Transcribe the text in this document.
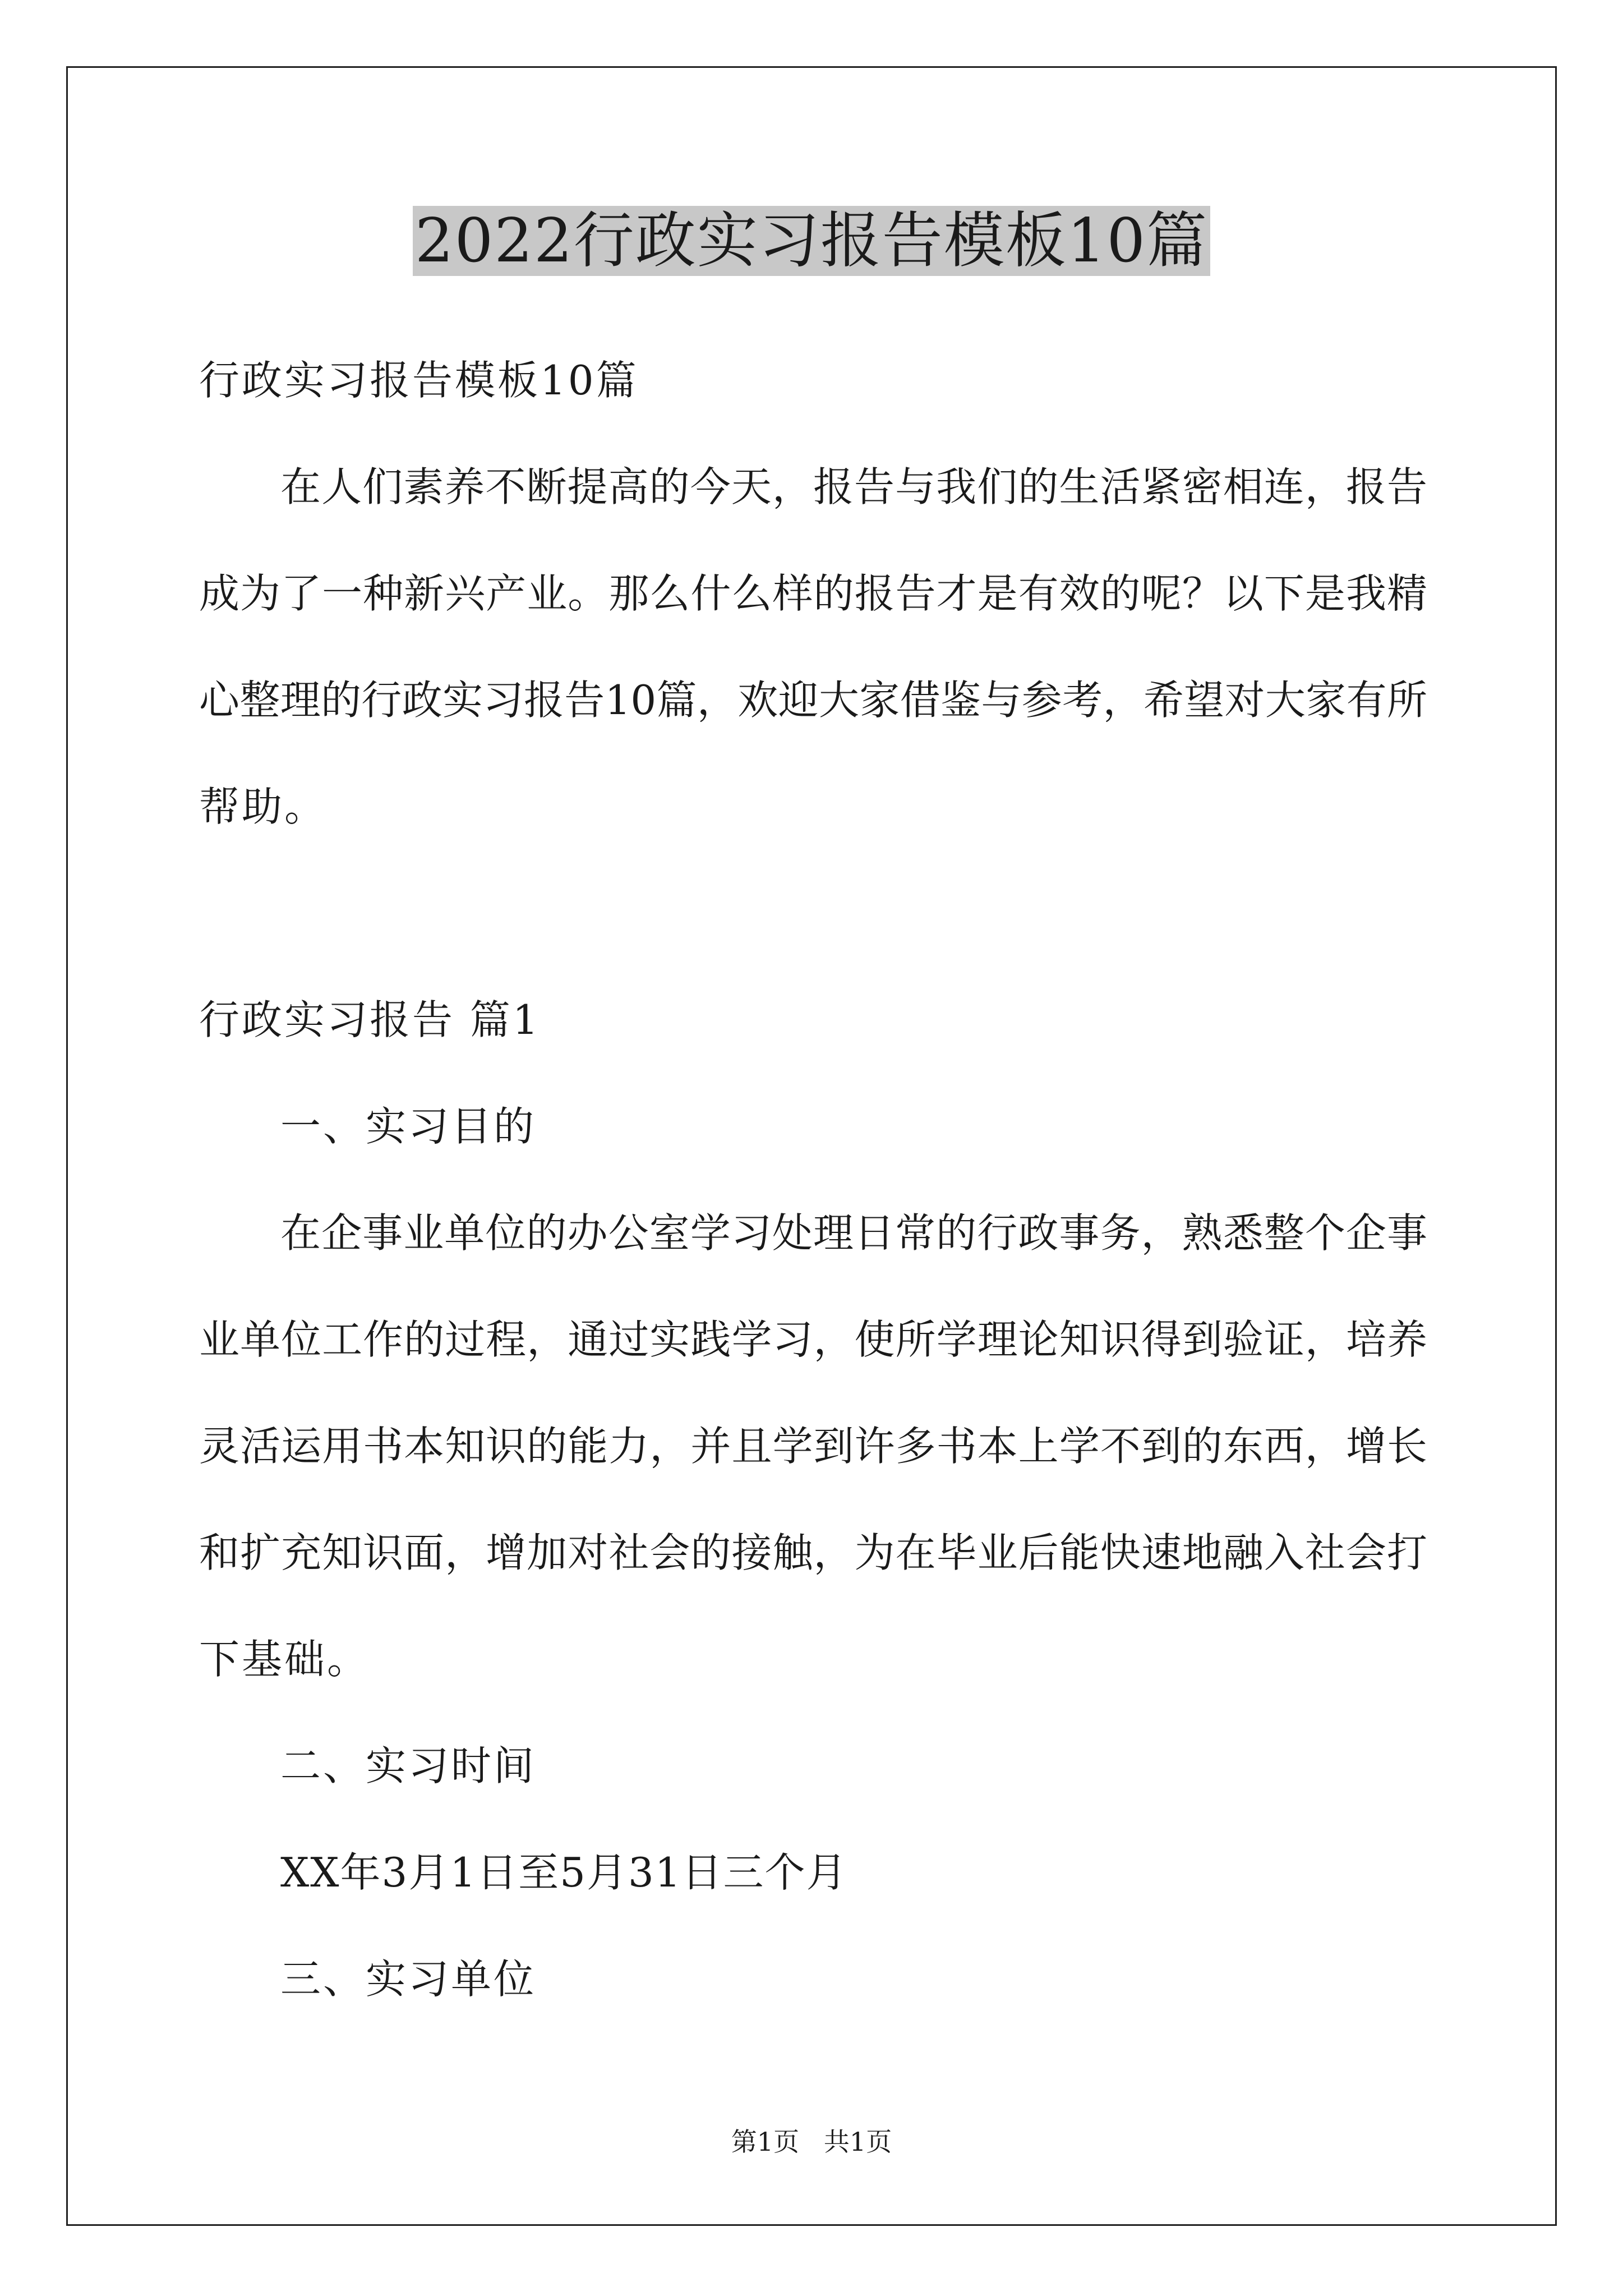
2022行政实习报告模板10篇
行政实习报告模板10篇
在人们素养不断提高的今天，报告与我们的生活紧密相连，报告
成为了一种新兴产业。那么什么样的报告才是有效的呢？以下是我精
心整理的行政实习报告10篇，欢迎大家借鉴与参考，希望对大家有所
帮助。
行政实习报告 篇1
一、实习目的
在企事业单位的办公室学习处理日常的行政事务，熟悉整个企事
业单位工作的过程，通过实践学习，使所学理论知识得到验证，培养
灵活运用书本知识的能力，并且学到许多书本上学不到的东西，增长
和扩充知识面，增加对社会的接触，为在毕业后能快速地融入社会打
下基础。
二、实习时间
XX年3月1日至5月31日三个月
三、实习单位
第1页   共1页
